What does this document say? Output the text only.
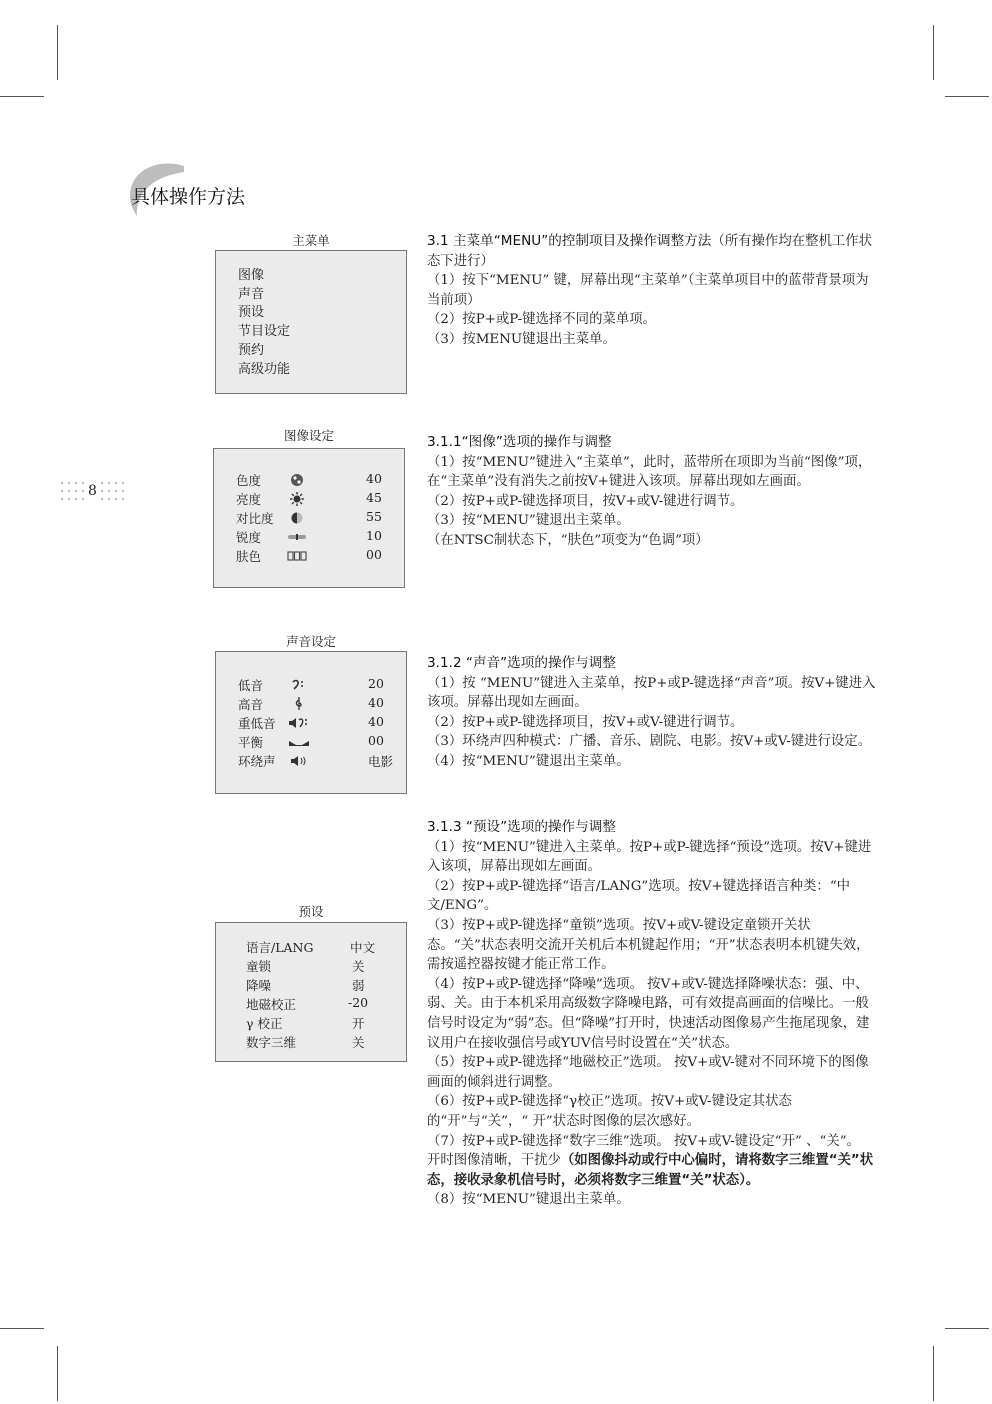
具体操作方法
8
主菜单
图像
声音
预设
节目设定
预约
高级功能
图像设定
色度	40
亮度	45
对比度	55
锐度	10
肤色	00
声音设定
低音	20
高音	40
重低音	40
平衡	00
环绕声	电影
预设
语言/LANG	中文
童锁	关
降噪	弱
地磁校正	-20
γ 校正	开
数字三维	关

3.1 主菜单“MENU”的控制项目及操作调整方法（所有操作均在整机工作状态下进行）

（1）按下“MENU” 键，屏幕出现“主菜单”（主菜单项目中的蓝带背景项为当前项）

（2）按P+或P-键选择不同的菜单项。

（3）按MENU键退出主菜单。

3.1.1“图像”选项的操作与调整

（1）按“MENU”键进入“主菜单”，此时，蓝带所在项即为当前“图像”项，在“主菜单”没有消失之前按V+键进入该项。屏幕出现如左画面。

（2）按P+或P-键选择项目，按V+或V-键进行调节。

（3）按“MENU”键退出主菜单。

（在NTSC制状态下，“肤色”项变为“色调”项）

3.1.2 “声音”选项的操作与调整

（1）按 “MENU”键进入主菜单，按P+或P-键选择“声音”项。按V+键进入该项。屏幕出现如左画面。

（2）按P+或P-键选择项目，按V+或V-键进行调节。

（3）环绕声四种模式：广播、音乐、剧院、电影。按V+或V-键进行设定。

（4）按“MENU”键退出主菜单。

3.1.3 “预设”选项的操作与调整

（1）按“MENU”键进入主菜单。按P+或P-键选择“预设”选项。按V+键进入该项，屏幕出现如左画面。

（2）按P+或P-键选择“语言/LANG”选项。按V+键选择语言种类：“中文/ENG”。

（3）按P+或P-键选择“童锁”选项。按V+或V-键设定童锁开关状态。“关”状态表明交流开关机后本机键起作用；“开”状态表明本机键失效，需按遥控器按键才能正常工作。

（4）按P+或P-键选择“降噪”选项。 按V+或V-键选择降噪状态：强、中、弱、关。由于本机采用高级数字降噪电路，可有效提高画面的信噪比。一般信号时设定为“弱”态。但“降噪”打开时，快速活动图像易产生拖尾现象，建议用户在接收强信号或YUV信号时设置在“关”状态。

（5）按P+或P-键选择“地磁校正”选项。 按V+或V-键对不同环境下的图像画面的倾斜进行调整。

（6）按P+或P-键选择“γ校正”选项。按V+或V-键设定其状态的“开”与“关”，“ 开”状态时图像的层次感好。

（7）按P+或P-键选择“数字三维”选项。 按V+或V-键设定“开” 、“关”。 开时图像清晰，干扰少（如图像抖动或行中心偏时，请将数字三维置“关”状态，接收录象机信号时，必须将数字三维置“关”状态）。

（8）按“MENU”键退出主菜单。
